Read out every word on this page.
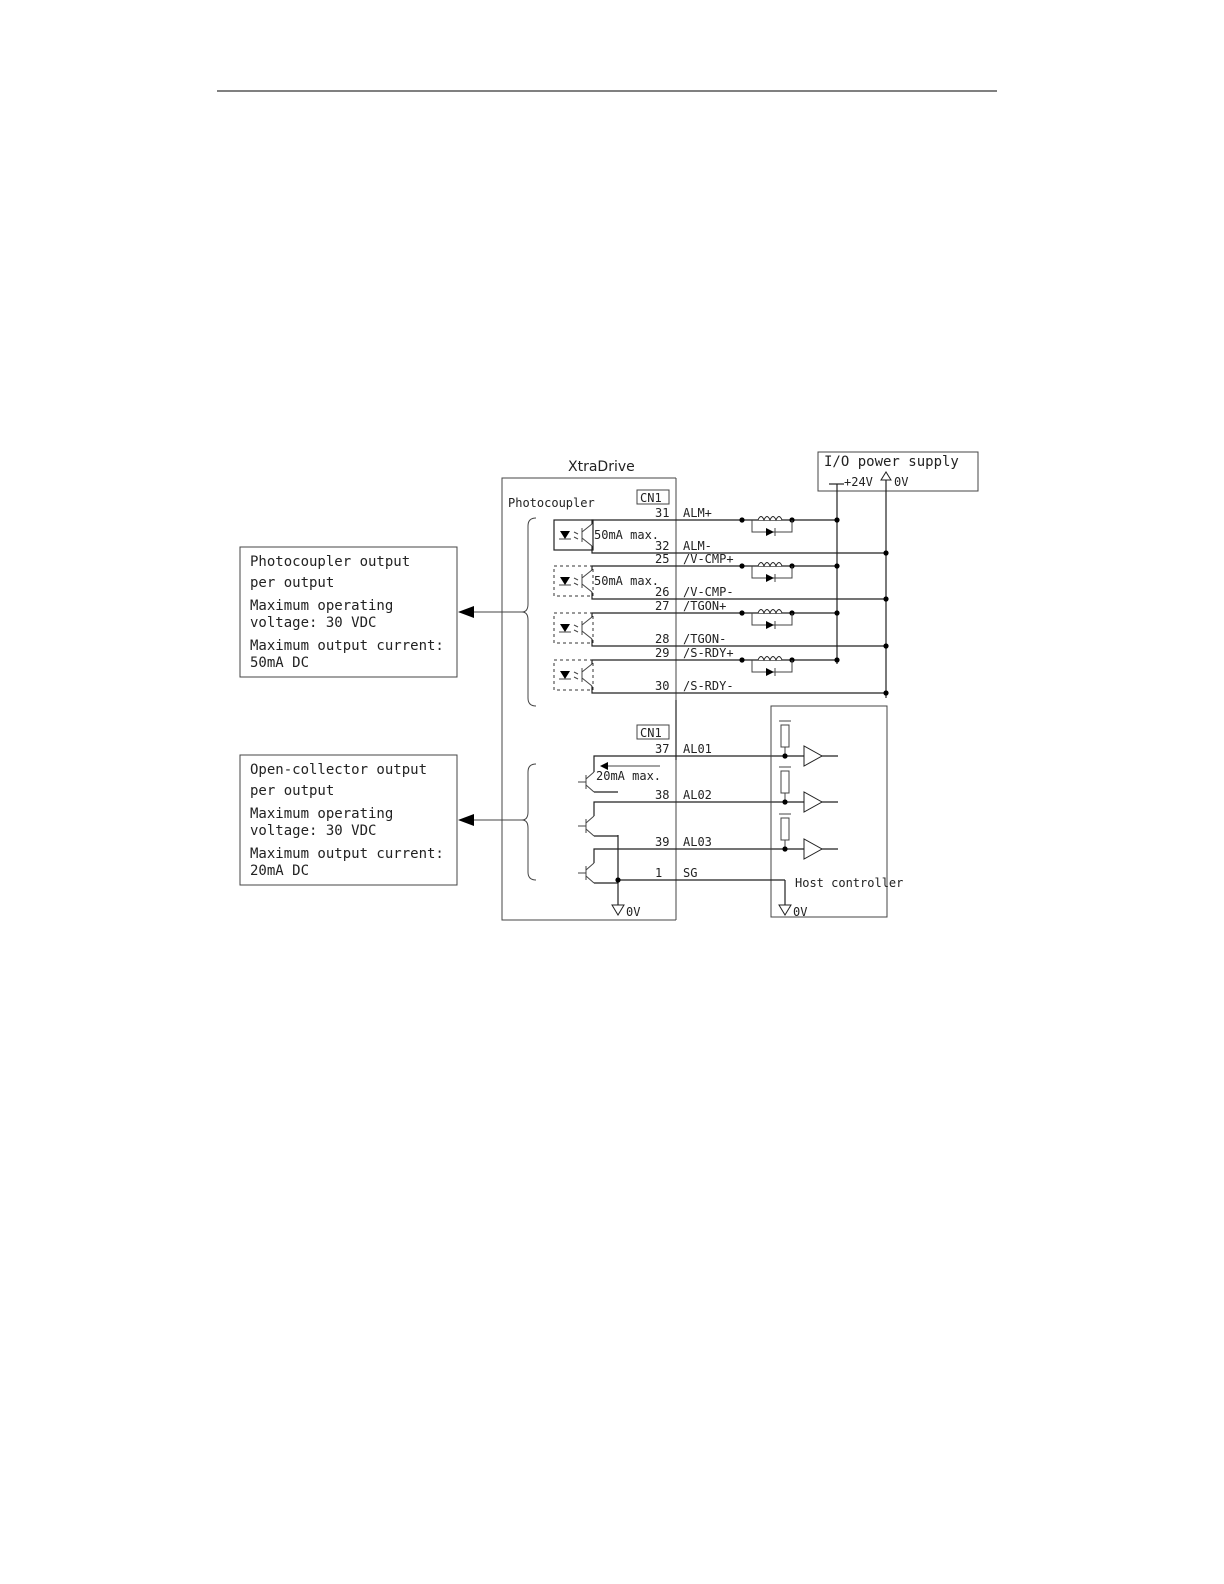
XtraDrive
Photocoupler	CN1
CN1
I/O power supply
+24V 0V
31 ALM+
32 ALM-
50mA max.
25 /V-CMP+
26 /V-CMP-
50mA max.
27 /TGON+
28 /TGON-
29 /S-RDY+
30 /S-RDY-
Photocoupler output
per output
Maximum operating
voltage: 30 VDC
Maximum output current:
50mA DC
Open-collector output
per output
Maximum operating
voltage: 30 VDC
Maximum output current:
20mA DC
0V
20mA max.
37 AL01
38 AL02
39 AL03
1 SG
Host controller
0V
